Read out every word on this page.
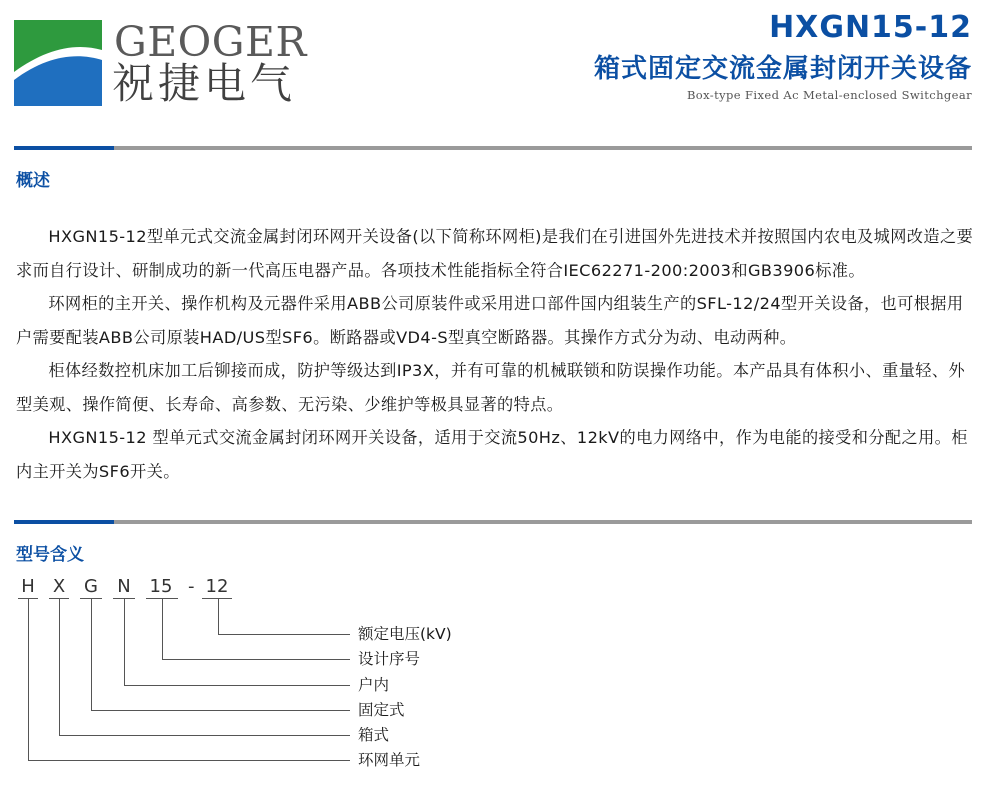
GEOGER
祝捷电气
HXGN15-12
箱式固定交流金属封闭开关设备
Box-type Fixed Ac Metal-enclosed Switchgear
概述

HXGN15-12型单元式交流金属封闭环网开关设备(以下简称环网柜)是我们在引进国外先进技术并按照国内农电及城网改造之要求而自行设计、研制成功的新一代高压电器产品。各项技术性能指标全符合IEC62271-200:2003和GB3906标准。

环网柜的主开关、操作机构及元器件采用ABB公司原装件或采用进口部件国内组装生产的SFL-12/24型开关设备，也可根据用户需要配装ABB公司原装HAD/US型SF6。断路器或VD4-S型真空断路器。其操作方式分为动、电动两种。

柜体经数控机床加工后铆接而成，防护等级达到IP3X，并有可靠的机械联锁和防误操作功能。本产品具有体积小、重量轻、外型美观、操作简便、长寿命、高参数、无污染、少维护等极具显著的特点。

HXGN15-12 型单元式交流金属封闭环网开关设备，适用于交流50Hz、12kV的电力网络中，作为电能的接受和分配之用。柜内主开关为SF6开关。

型号含义
H X G N 15 - 12
额定电压(kV)
设计序号
户内
固定式
箱式
环网单元
